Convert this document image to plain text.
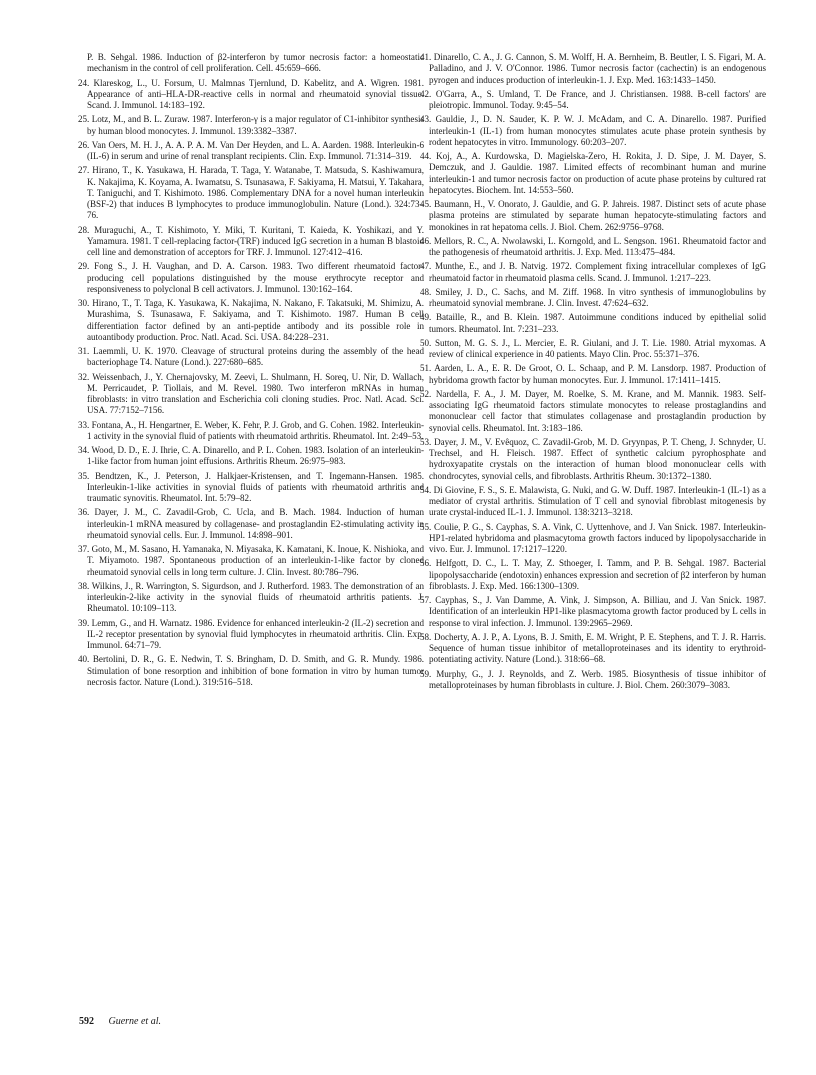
P. B. Sehgal. 1986. Induction of β2-interferon by tumor necrosis factor: a homeostatic mechanism in the control of cell proliferation. Cell. 45:659–666.

24. Klareskog, L., U. Forsum, U. Malmnas Tjernlund, D. Kabelitz, and A. Wigren. 1981. Appearance of anti–HLA-DR-reactive cells in normal and rheumatoid synovial tissue. Scand. J. Immunol. 14:183–192.

25. Lotz, M., and B. L. Zuraw. 1987. Interferon-γ is a major regulator of C1-inhibitor synthesis by human blood monocytes. J. Immunol. 139:3382–3387.

26. Van Oers, M. H. J., A. A. P. A. M. Van Der Heyden, and L. A. Aarden. 1988. Interleukin-6 (IL-6) in serum and urine of renal transplant recipients. Clin. Exp. Immunol. 71:314–319.

27. Hirano, T., K. Yasukawa, H. Harada, T. Taga, Y. Watanabe, T. Matsuda, S. Kashiwamura, K. Nakajima, K. Koyama, A. Iwamatsu, S. Tsunasawa, F. Sakiyama, H. Matsui, Y. Takahara, T. Taniguchi, and T. Kishimoto. 1986. Complementary DNA for a novel human interleukin (BSF-2) that induces B lymphocytes to produce immunoglobulin. Nature (Lond.). 324:73–76.

28. Muraguchi, A., T. Kishimoto, Y. Miki, T. Kuritani, T. Kaieda, K. Yoshikazi, and Y. Yamamura. 1981. T cell-replacing factor-(TRF) induced IgG secretion in a human B blastoid cell line and demonstration of acceptors for TRF. J. Immunol. 127:412–416.

29. Fong S., J. H. Vaughan, and D. A. Carson. 1983. Two different rheumatoid factor-producing cell populations distinguished by the mouse erythrocyte receptor and responsiveness to polyclonal B cell activators. J. Immunol. 130:162–164.

30. Hirano, T., T. Taga, K. Yasukawa, K. Nakajima, N. Nakano, F. Takatsuki, M. Shimizu, A. Murashima, S. Tsunasawa, F. Sakiyama, and T. Kishimoto. 1987. Human B cell differentiation factor defined by an anti-peptide antibody and its possible role in autoantibody production. Proc. Natl. Acad. Sci. USA. 84:228–231.

31. Laemmli, U. K. 1970. Cleavage of structural proteins during the assembly of the head bacteriophage T4. Nature (Lond.). 227:680–685.

32. Weissenbach, J., Y. Chernajovsky, M. Zeevi, L. Shulmann, H. Soreq, U. Nir, D. Wallach, M. Perricaudet, P. Tiollais, and M. Revel. 1980. Two interferon mRNAs in human fibroblasts: in vitro translation and Escherichia coli cloning studies. Proc. Natl. Acad. Sci. USA. 77:7152–7156.

33. Fontana, A., H. Hengartner, E. Weber, K. Fehr, P. J. Grob, and G. Cohen. 1982. Interleukin-1 activity in the synovial fluid of patients with rheumatoid arthritis. Rheumatol. Int. 2:49–53.

34. Wood, D. D., E. J. Ihrie, C. A. Dinarello, and P. L. Cohen. 1983. Isolation of an interleukin-1-like factor from human joint effusions. Arthritis Rheum. 26:975–983.

35. Bendtzen, K., J. Peterson, J. Halkjaer-Kristensen, and T. Ingemann-Hansen. 1985. Interleukin-1-like activities in synovial fluids of patients with rheumatoid arthritis and traumatic synovitis. Rheumatol. Int. 5:79–82.

36. Dayer, J. M., C. Zavadil-Grob, C. Ucla, and B. Mach. 1984. Induction of human interleukin-1 mRNA measured by collagenase- and prostaglandin E2-stimulating activity in rheumatoid synovial cells. Eur. J. Immunol. 14:898–901.

37. Goto, M., M. Sasano, H. Yamanaka, N. Miyasaka, K. Kamatani, K. Inoue, K. Nishioka, and T. Miyamoto. 1987. Spontaneous production of an interleukin-1-like factor by cloned rheumatoid synovial cells in long term culture. J. Clin. Invest. 80:786–796.

38. Wilkins, J., R. Warrington, S. Sigurdson, and J. Rutherford. 1983. The demonstration of an interleukin-2-like activity in the synovial fluids of rheumatoid arthritis patients. J. Rheumatol. 10:109–113.

39. Lemm, G., and H. Warnatz. 1986. Evidence for enhanced interleukin-2 (IL-2) secretion and IL-2 receptor presentation by synovial fluid lymphocytes in rheumatoid arthritis. Clin. Exp. Immunol. 64:71–79.

40. Bertolini, D. R., G. E. Nedwin, T. S. Bringham, D. D. Smith, and G. R. Mundy. 1986. Stimulation of bone resorption and inhibition of bone formation in vitro by human tumor necrosis factor. Nature (Lond.). 319:516–518.

41. Dinarello, C. A., J. G. Cannon, S. M. Wolff, H. A. Bernheim, B. Beutler, I. S. Figari, M. A. Palladino, and J. V. O'Connor. 1986. Tumor necrosis factor (cachectin) is an endogenous pyrogen and induces production of interleukin-1. J. Exp. Med. 163:1433–1450.

42. O'Garra, A., S. Umland, T. De France, and J. Christiansen. 1988. B-cell factors' are pleiotropic. Immunol. Today. 9:45–54.

43. Gauldie, J., D. N. Sauder, K. P. W. J. McAdam, and C. A. Dinarello. 1987. Purified interleukin-1 (IL-1) from human monocytes stimulates acute phase protein synthesis by rodent hepatocytes in vitro. Immunology. 60:203–207.

44. Koj, A., A. Kurdowska, D. Magielska-Zero, H. Rokita, J. D. Sipe, J. M. Dayer, S. Demczuk, and J. Gauldie. 1987. Limited effects of recombinant human and murine interleukin-1 and tumor necrosis factor on production of acute phase proteins by cultured rat hepatocytes. Biochem. Int. 14:553–560.

45. Baumann, H., V. Onorato, J. Gauldie, and G. P. Jahreis. 1987. Distinct sets of acute phase plasma proteins are stimulated by separate human hepatocyte-stimulating factors and monokines in rat hepatoma cells. J. Biol. Chem. 262:9756–9768.

46. Mellors, R. C., A. Nwolawski, L. Korngold, and L. Sengson. 1961. Rheumatoid factor and the pathogenesis of rheumatoid arthritis. J. Exp. Med. 113:475–484.

47. Munthe, E., and J. B. Natvig. 1972. Complement fixing intracellular complexes of IgG rheumatoid factor in rheumatoid plasma cells. Scand. J. Immunol. 1:217–223.

48. Smiley, J. D., C. Sachs, and M. Ziff. 1968. In vitro synthesis of immunoglobulins by rheumatoid synovial membrane. J. Clin. Invest. 47:624–632.

49. Bataille, R., and B. Klein. 1987. Autoimmune conditions induced by epithelial solid tumors. Rheumatol. Int. 7:231–233.

50. Sutton, M. G. S. J., L. Mercier, E. R. Giulani, and J. T. Lie. 1980. Atrial myxomas. A review of clinical experience in 40 patients. Mayo Clin. Proc. 55:371–376.

51. Aarden, L. A., E. R. De Groot, O. L. Schaap, and P. M. Lansdorp. 1987. Production of hybridoma growth factor by human monocytes. Eur. J. Immunol. 17:1411–1415.

52. Nardella, F. A., J. M. Dayer, M. Roelke, S. M. Krane, and M. Mannik. 1983. Self-associating IgG rheumatoid factors stimulate monocytes to release prostaglandins and mononuclear cell factor that stimulates collagenase and prostaglandin production by synovial cells. Rheumatol. Int. 3:183–186.

53. Dayer, J. M., V. Evêquoz, C. Zavadil-Grob, M. D. Gryynpas, P. T. Cheng, J. Schnyder, U. Trechsel, and H. Fleisch. 1987. Effect of synthetic calcium pyrophosphate and hydroxyapatite crystals on the interaction of human blood mononuclear cells with chondrocytes, synovial cells, and fibroblasts. Arthritis Rheum. 30:1372–1380.

54. Di Giovine, F. S., S. E. Malawista, G. Nuki, and G. W. Duff. 1987. Interleukin-1 (IL-1) as a mediator of crystal arthritis. Stimulation of T cell and synovial fibroblast mitogenesis by urate crystal-induced IL-1. J. Immunol. 138:3213–3218.

55. Coulie, P. G., S. Cayphas, S. A. Vink, C. Uyttenhove, and J. Van Snick. 1987. Interleukin-HP1-related hybridoma and plasmacytoma growth factors induced by lipopolysaccharide in vivo. Eur. J. Immunol. 17:1217–1220.

56. Helfgott, D. C., L. T. May, Z. Sthoeger, I. Tamm, and P. B. Sehgal. 1987. Bacterial lipopolysaccharide (endotoxin) enhances expression and secretion of β2 interferon by human fibroblasts. J. Exp. Med. 166:1300–1309.

57. Cayphas, S., J. Van Damme, A. Vink, J. Simpson, A. Billiau, and J. Van Snick. 1987. Identification of an interleukin HP1-like plasmacytoma growth factor produced by L cells in response to viral infection. J. Immunol. 139:2965–2969.

58. Docherty, A. J. P., A. Lyons, B. J. Smith, E. M. Wright, P. E. Stephens, and T. J. R. Harris. Sequence of human tissue inhibitor of metalloproteinases and its identity to erythroid-potentiating activity. Nature (Lond.). 318:66–68.

59. Murphy, G., J. J. Reynolds, and Z. Werb. 1985. Biosynthesis of tissue inhibitor of metalloproteinases by human fibroblasts in culture. J. Biol. Chem. 260:3079–3083.

592 Guerne et al.
